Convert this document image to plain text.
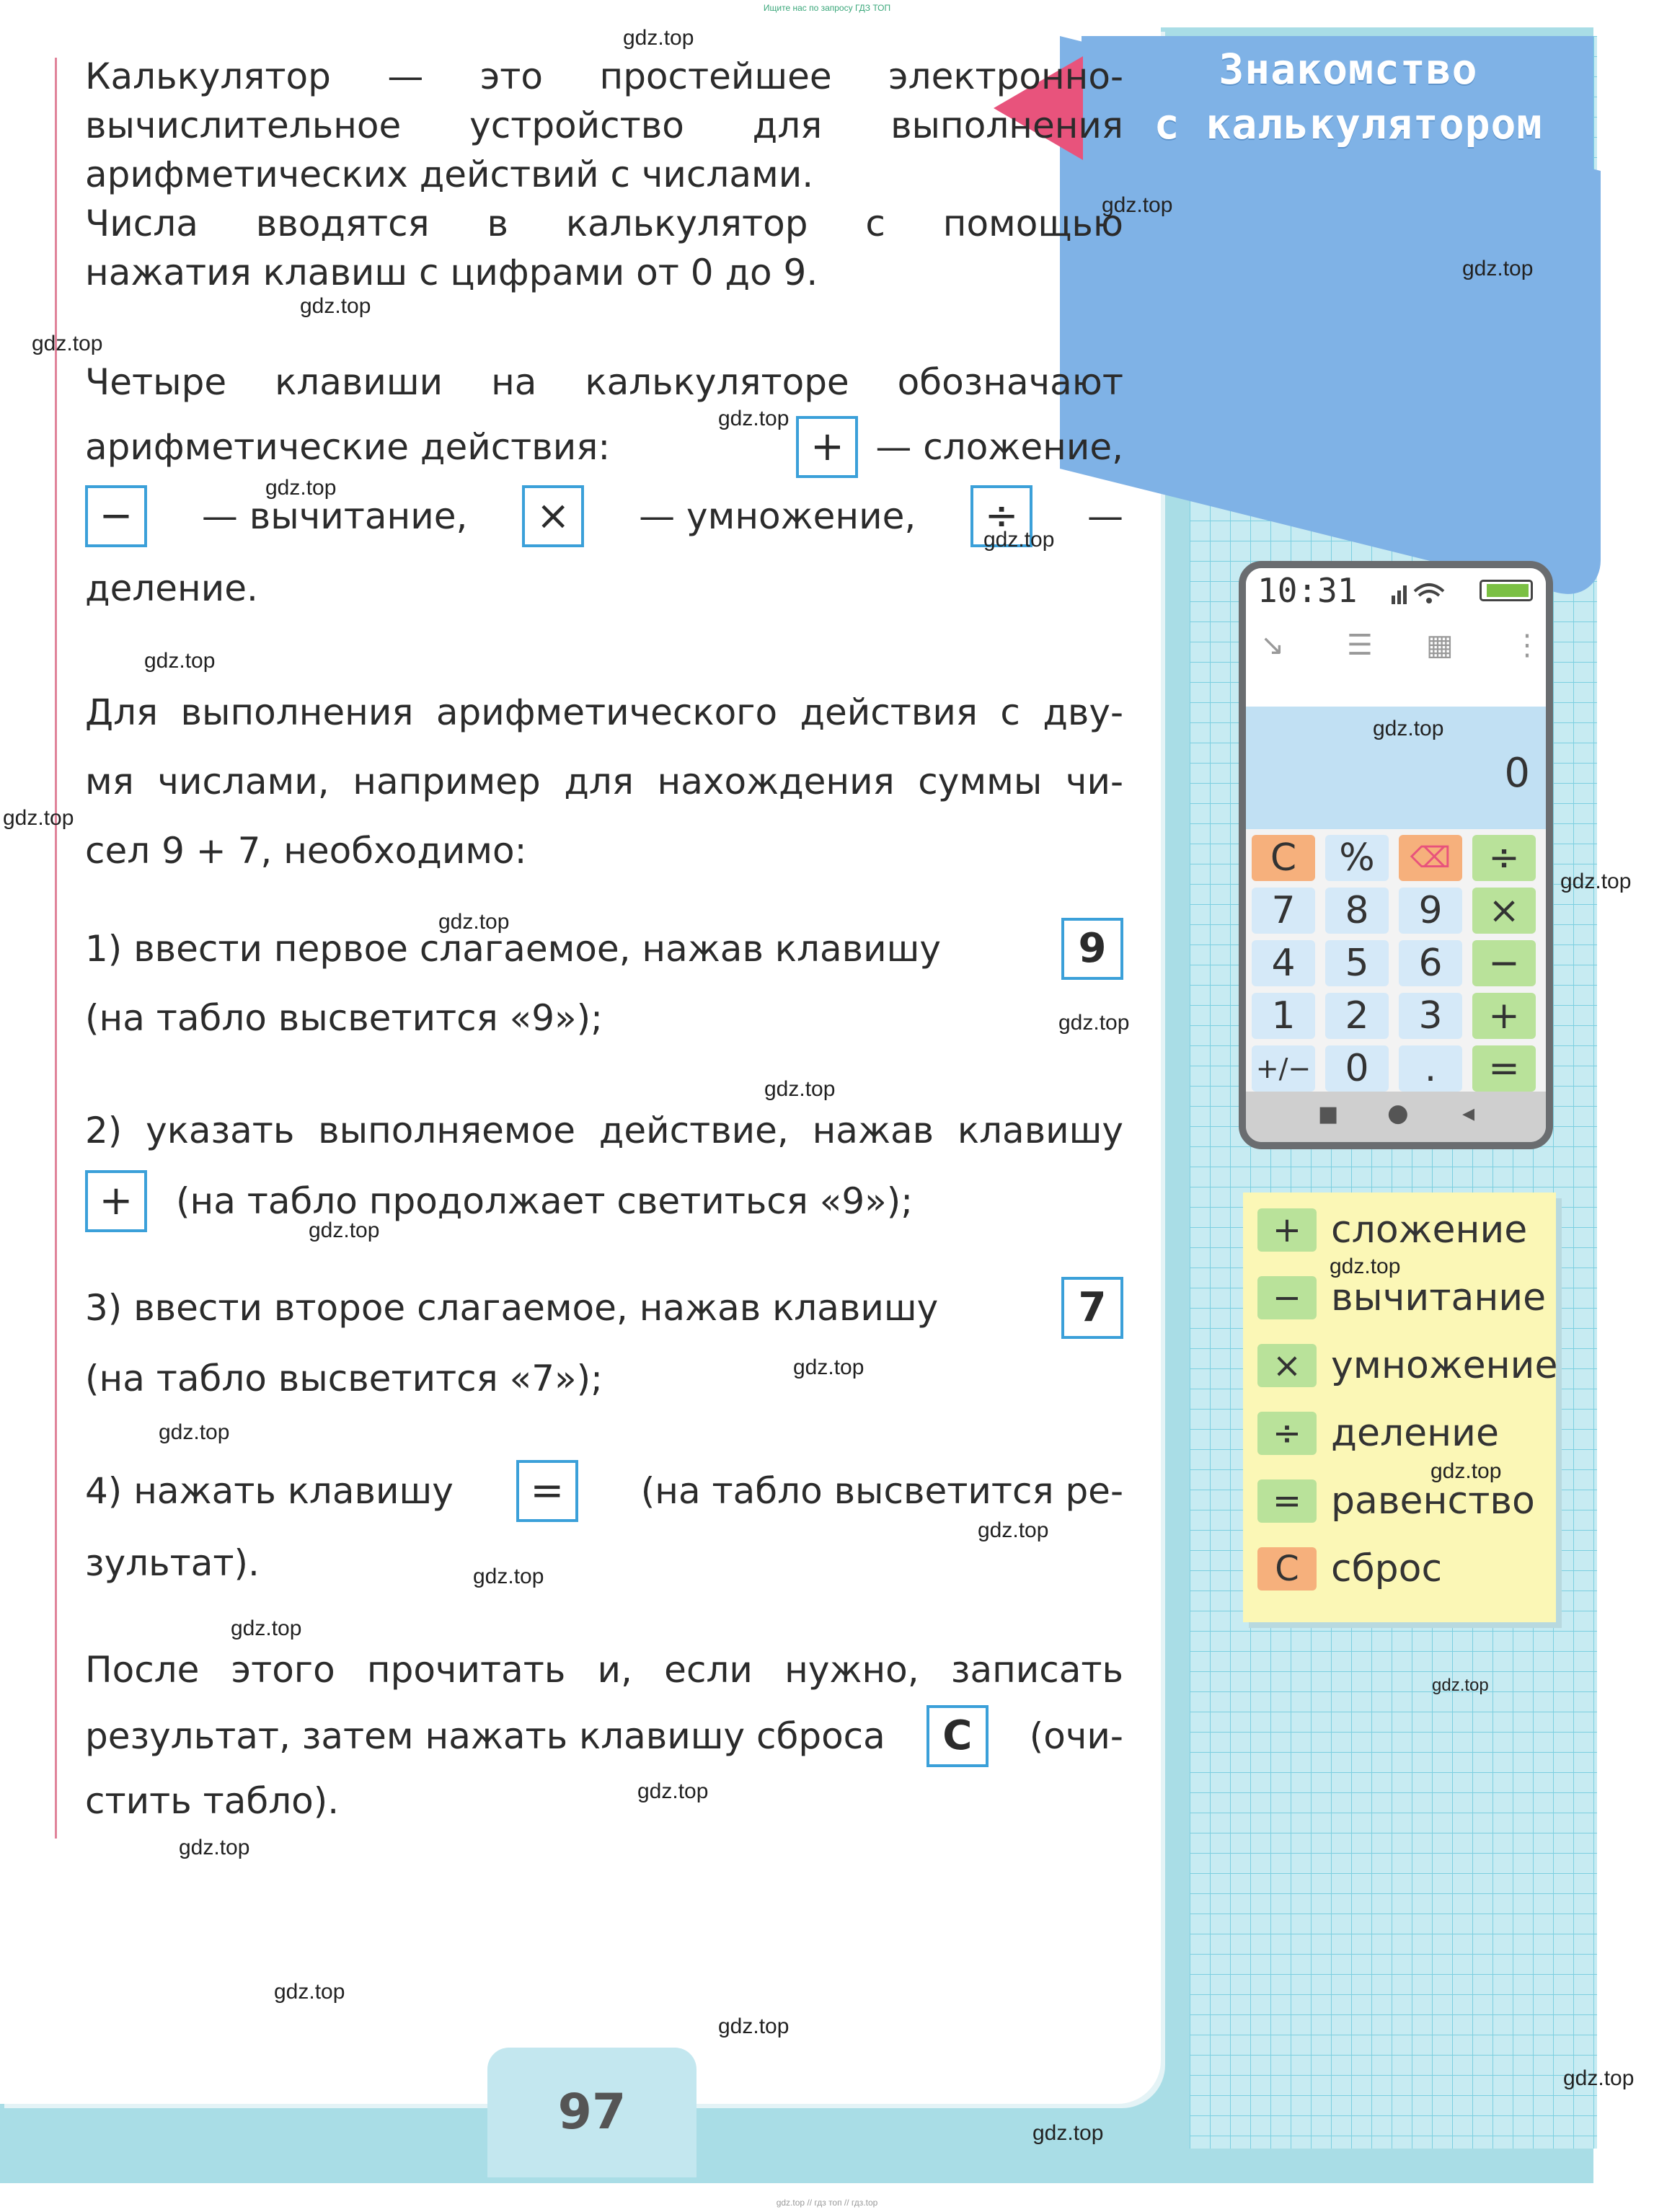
Ищите нас по запросу ГДЗ ТОП
Знакомство
с калькулятором
Калькулятор — это простейшее электронно-
вычислительное устройство для выполнения
арифметических действий с числами.
Числа вводятся в калькулятор с помощью
нажатия клавиш с цифрами от 0 до 9.
Четыре клавиши на калькуляторе обозначают
арифметические действия:	+ — сложение,
−	— вычитание,	×	— умножение,	÷	—
деление.
Для выполнения арифметического действия с дву-
мя числами, например для нахождения суммы чи-
сел 9 + 7, необходимо:
1) ввести первое слагаемое, нажав клавишу	9
(на табло высветится «9»);
2) указать выполняемое действие, нажав клавишу
+	(на табло продолжает светиться «9»);
3) ввести второе слагаемое, нажав клавишу	7
(на табло высветится «7»);
4) нажать клавишу	=	(на табло высветится ре-
зультат).
После этого прочитать и, если нужно, записать
результат, затем нажать клавишу сброса	C	(очи-
стить табло).
10:31
↘ ☰ ▦ ⋮
0
C	%	⌫ ÷
7	8	9	×
4	5	6	−
1	2	3	+
+/− 0	.	=
■ ● ◂
+ сложение
− вычитание
× умножение
÷ деление
= равенство
C сброс
97
gdz.top
gdz.top
gdz.top
gdz.top
gdz.top
gdz.top
gdz.top
gdz.top
gdz.top
gdz.top
gdz.top
gdz.top
gdz.top
gdz.top
gdz.top
gdz.top
gdz.top
gdz.top
gdz.top
gdz.top
gdz.top
gdz.top
gdz.top
gdz.top
gdz.top
gdz.top
gdz.top
gdz.top
gdz.top
gdz.top
gdz.top // гдз топ // гдз.top
